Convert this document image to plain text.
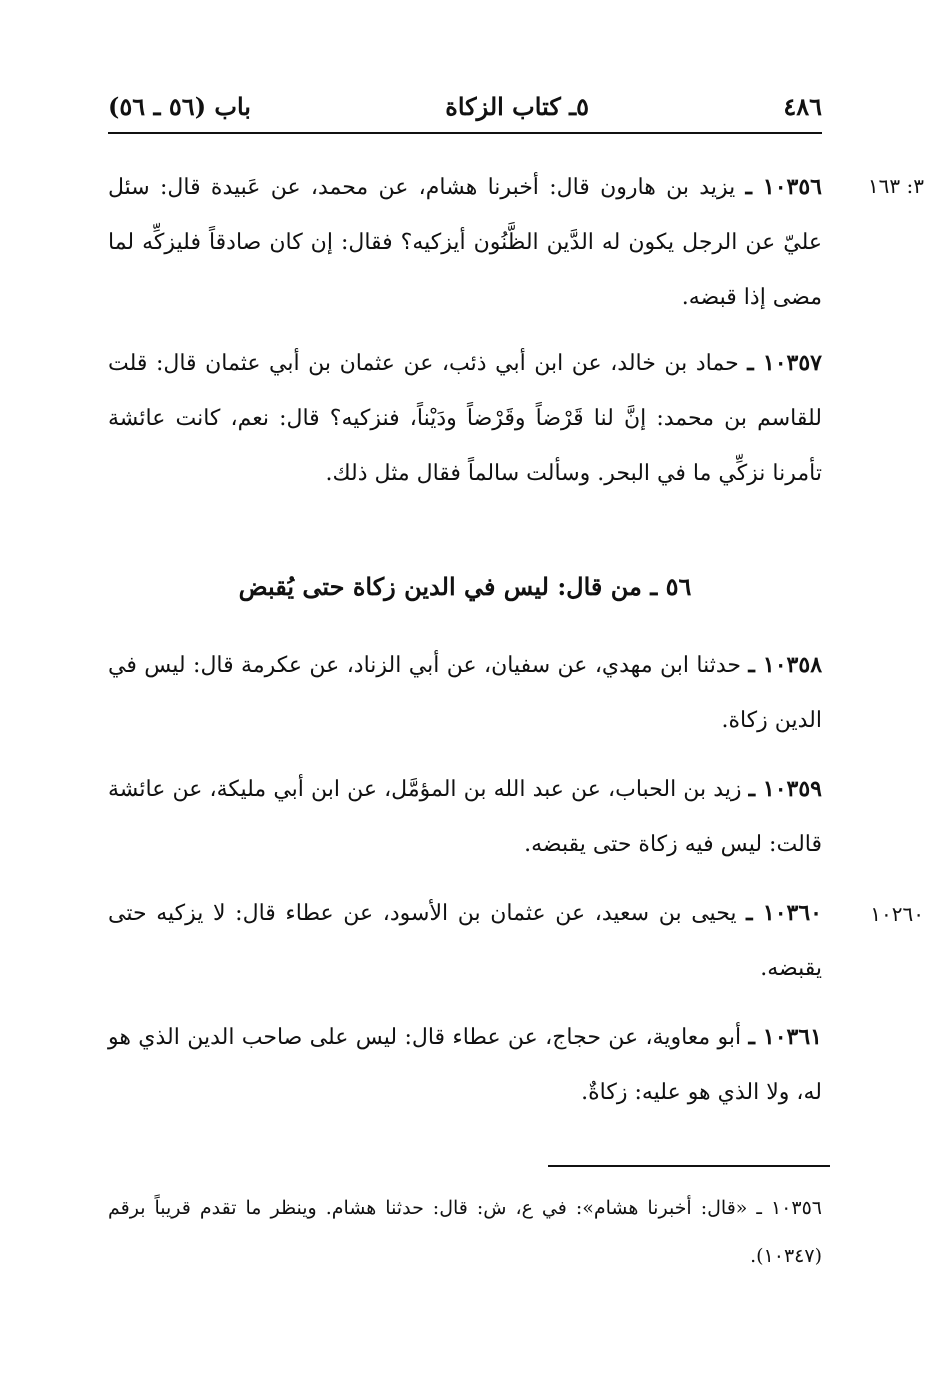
٤٨٦
٥ـ كتاب الزكاة
باب (٥٦ ـ ٥٦)
٣: ١٦٣
١٠٣٥٦ ـ يزيد بن هارون قال: أخبرنا هشام، عن محمد، عن عَبيدة قال: سئل عليّ عن الرجل يكون له الدَّين الظَّنُون أيزكيه؟ فقال: إن كان صادقاً فليزكِّه لما مضى إذا قبضه.
١٠٣٥٧ ـ حماد بن خالد، عن ابن أبي ذئب، عن عثمان بن أبي عثمان قال: قلت للقاسم بن محمد: إنَّ لنا قَرْضاً وقَرْضاً ودَيْناً، فنزكيه؟ قال: نعم، كانت عائشة تأمرنا نزكِّي ما في البحر. وسألت سالماً فقال مثل ذلك.
٥٦ ـ من قال: ليس في الدين زكاة حتى يُقبض
١٠٣٥٨ ـ حدثنا ابن مهدي، عن سفيان، عن أبي الزناد، عن عكرمة قال: ليس في الدين زكاة.
١٠٣٥٩ ـ زيد بن الحباب، عن عبد الله بن المؤمَّل، عن ابن أبي مليكة، عن عائشة قالت: ليس فيه زكاة حتى يقبضه.
١٠٢٦٠
١٠٣٦٠ ـ يحيى بن سعيد، عن عثمان بن الأسود، عن عطاء قال: لا يزكيه حتى يقبضه.
١٠٣٦١ ـ أبو معاوية، عن حجاج، عن عطاء قال: ليس على صاحب الدين الذي هو له، ولا الذي هو عليه: زكاةٌ.
١٠٣٥٦ ـ «قال: أخبرنا هشام»: في ع، ش: قال: حدثنا هشام. وينظر ما تقدم قريباً برقم (١٠٣٤٧).
